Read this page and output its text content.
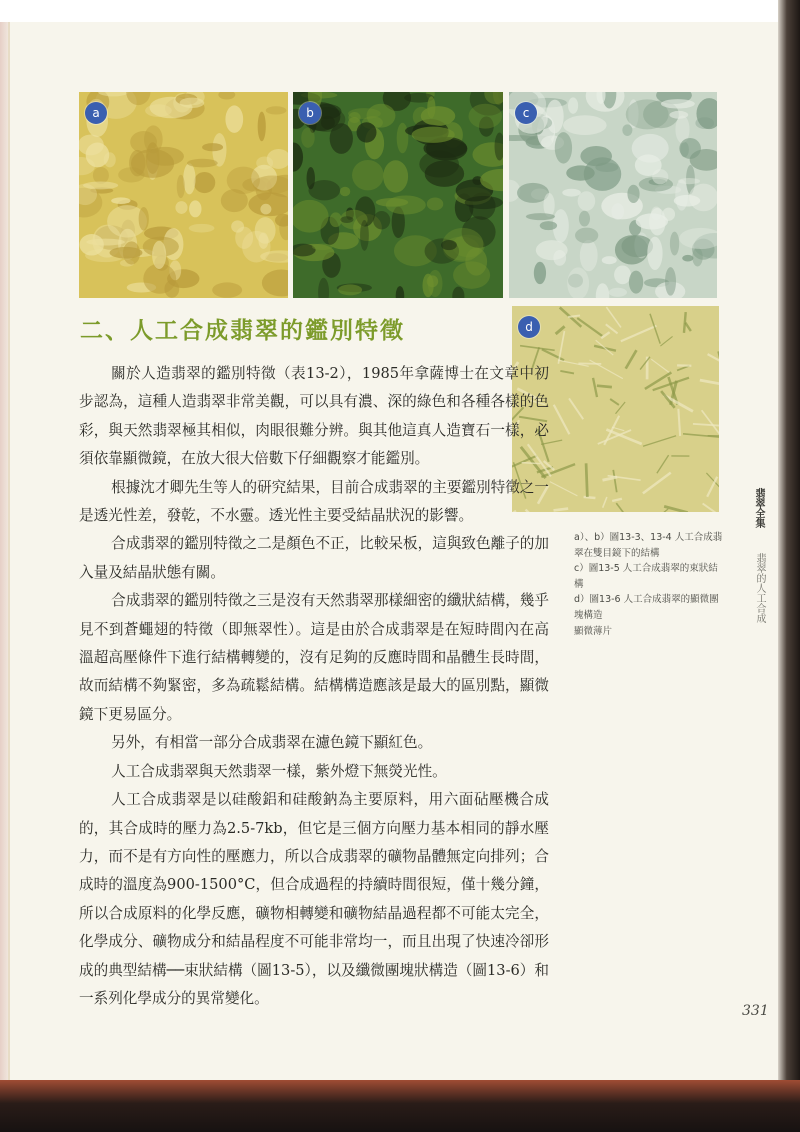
a	b	c
d
二、人工合成翡翠的鑑別特徵

關於人造翡翠的鑑別特徵（表13-2），1985年拿薩博士在文章中初步認為，這種人造翡翠非常美觀，可以具有濃、深的綠色和各種各樣的色彩，與天然翡翠極其相似，肉眼很難分辨。與其他這真人造寶石一樣，必須依靠顯微鏡，在放大很大倍數下仔細觀察才能鑑別。

根據沈才卿先生等人的研究結果，目前合成翡翠的主要鑑別特徵之一是透光性差，發乾，不水靈。透光性主要受結晶狀況的影響。

合成翡翠的鑑別特徵之二是顏色不正，比較呆板，這與致色離子的加入量及結晶狀態有關。

合成翡翠的鑑別特徵之三是沒有天然翡翠那樣細密的纖狀結構，幾乎見不到蒼蠅翅的特徵（即無翠性）。這是由於合成翡翠是在短時間內在高溫超高壓條件下進行結構轉變的，沒有足夠的反應時間和晶體生長時間，故而結構不夠緊密，多為疏鬆結構。結構構造應該是最大的區別點，顯微鏡下更易區分。

另外，有相當一部分合成翡翠在濾色鏡下顯紅色。

人工合成翡翠與天然翡翠一樣，紫外燈下無熒光性。

人工合成翡翠是以硅酸鋁和硅酸鈉為主要原料，用六面砧壓機合成的，其合成時的壓力為2.5-7kb，但它是三個方向壓力基本相同的靜水壓力，而不是有方向性的壓應力，所以合成翡翠的礦物晶體無定向排列；合成時的溫度為900-1500°C，但合成過程的持續時間很短，僅十幾分鐘，所以合成原料的化學反應，礦物相轉變和礦物結晶過程都不可能太完全，化學成分、礦物成分和結晶程度不可能非常均一，而且出現了快速冷卻形成的典型結構──束狀結構（圖13-5），以及纖微團塊狀構造（圖13-6）和一系列化學成分的異常變化。

a）、b）圖13-3、13-4 人工合成翡翠在雙目鏡下的結構
c）圖13-5 人工合成翡翠的束狀結構
d）圖13-6 人工合成翡翠的顯微團塊構造
顯微薄片
翡翠全集
翡翠的人工合成
331
